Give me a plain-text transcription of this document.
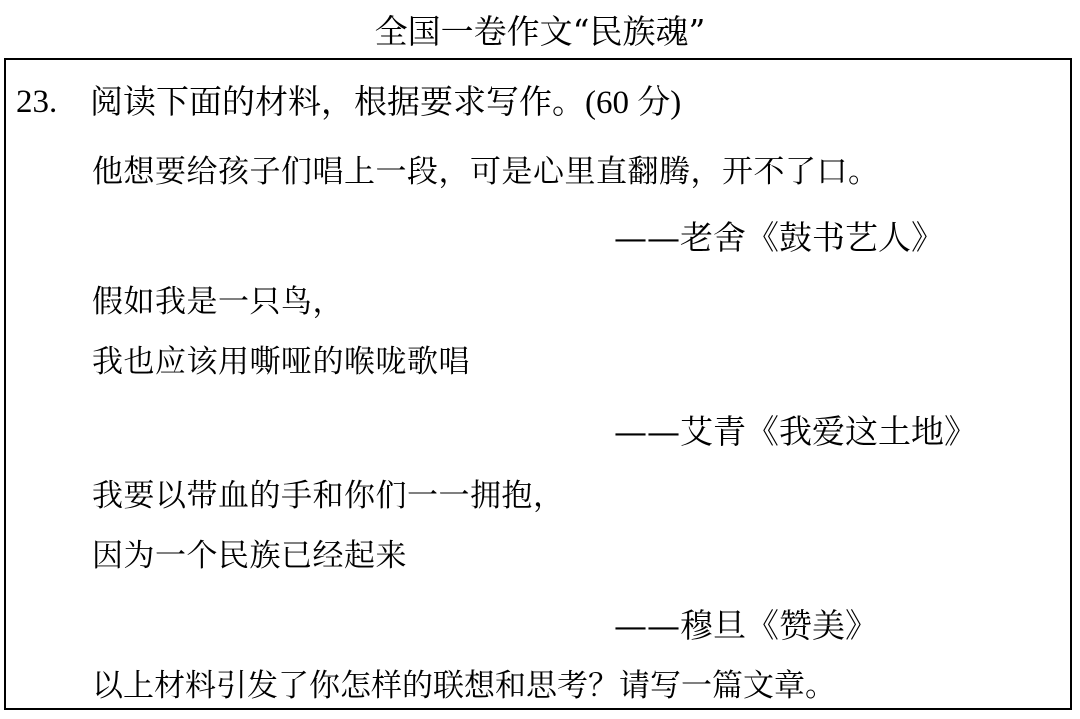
全国一卷作文“民族魂”
23. 阅读下面的材料，根据要求写作。(60 分)
他想要给孩子们唱上一段，可是心里直翻腾，开不了口。
——老舍《鼓书艺人》
假如我是一只鸟，
我也应该用嘶哑的喉咙歌唱
——艾青《我爱这土地》
我要以带血的手和你们一一拥抱，
因为一个民族已经起来
——穆旦《赞美》
以上材料引发了你怎样的联想和思考？请写一篇文章。
